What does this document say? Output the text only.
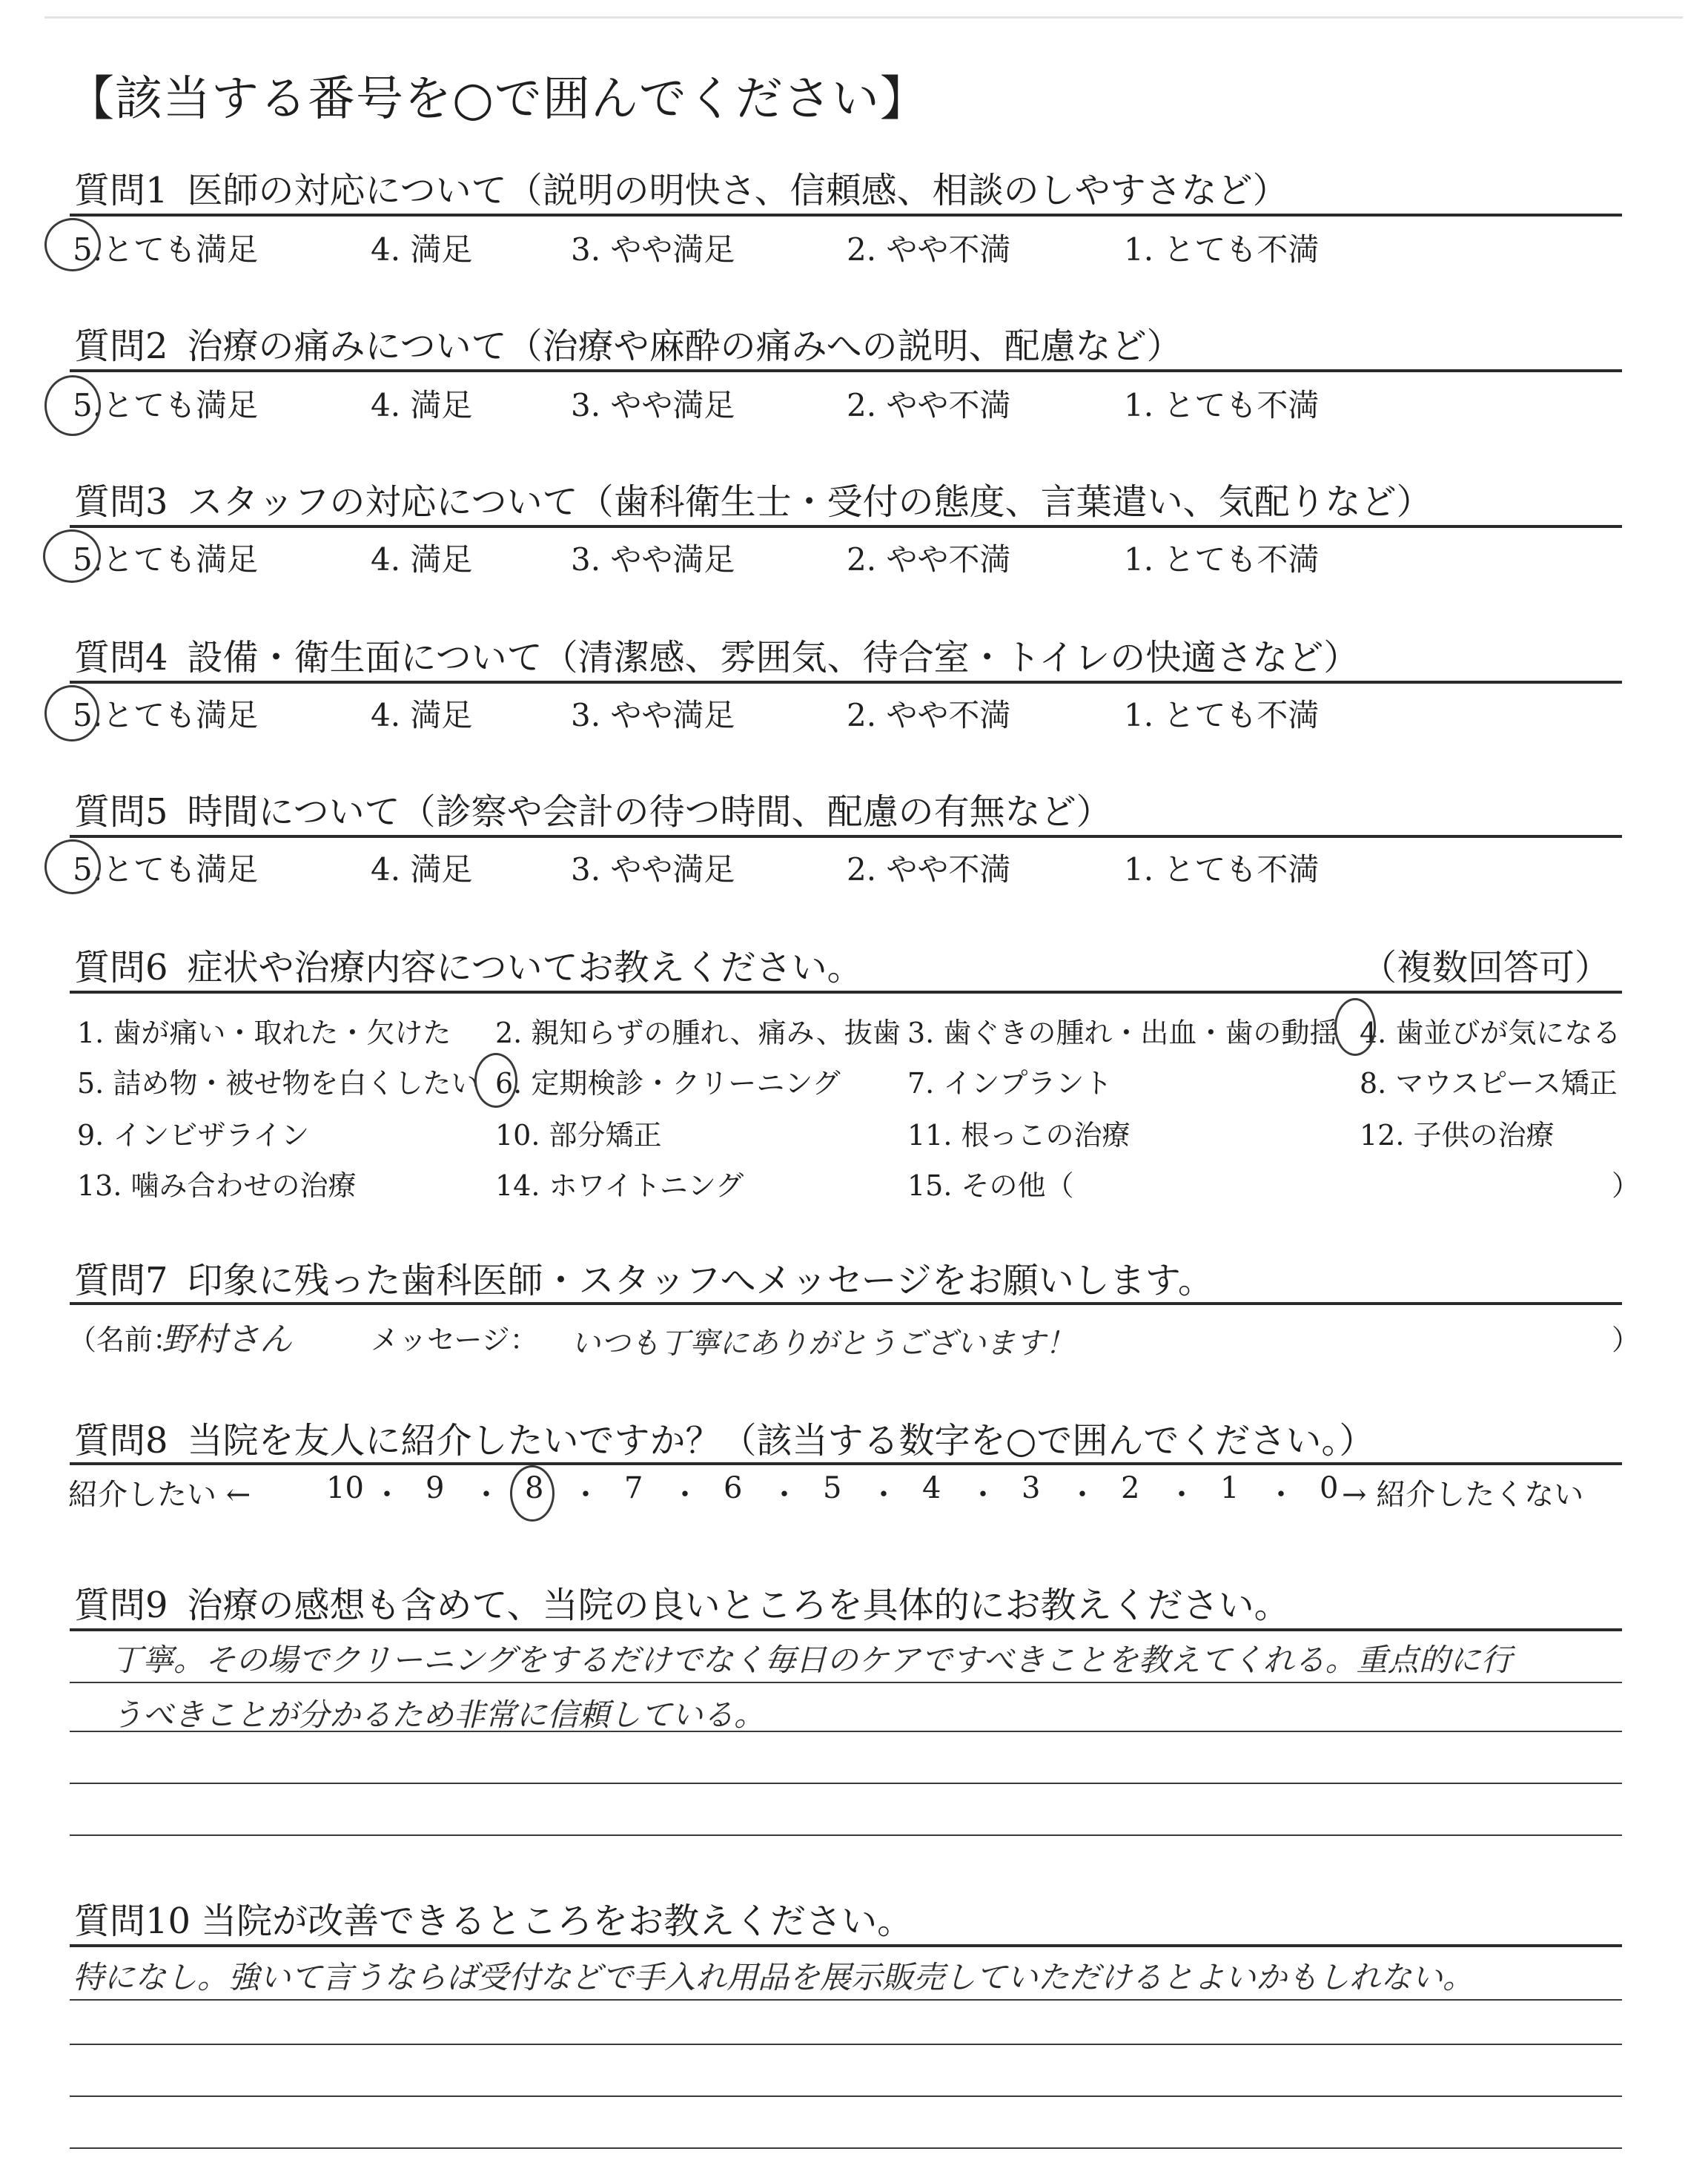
【該当する番号を○で囲んでください】
質問1 医師の対応について（説明の明快さ、信頼感、相談のしやすさなど）
5.とても満足	4. 満足	3. やや満足	2. やや不満	1. とても不満
質問2 治療の痛みについて（治療や麻酔の痛みへの説明、配慮など）
5.とても満足	4. 満足	3. やや満足	2. やや不満	1. とても不満
質問3 スタッフの対応について（歯科衛生士・受付の態度、言葉遣い、気配りなど）
5.とても満足	4. 満足	3. やや満足	2. やや不満	1. とても不満
質問4 設備・衛生面について（清潔感、雰囲気、待合室・トイレの快適さなど）
5.とても満足	4. 満足	3. やや満足	2. やや不満	1. とても不満
質問5 時間について（診察や会計の待つ時間、配慮の有無など）
5.とても満足	4. 満足	3. やや満足	2. やや不満	1. とても不満
質問6 症状や治療内容についてお教えください。	（複数回答可）
1. 歯が痛い・取れた・欠けた 2. 親知らずの腫れ、痛み、抜歯 3. 歯ぐきの腫れ・出血・歯の動揺 4. 歯並びが気になる
5. 詰め物・被せ物を白くしたい 6. 定期検診・クリーニング 7. インプラント	8. マウスピース矯正
9. インビザライン	10. 部分矯正	11. 根っこの治療	12. 子供の治療
13. 噛み合わせの治療	14. ホワイトニング	15. その他（	）
質問7 印象に残った歯科医師・スタッフへメッセージをお願いします。
（名前：
野村さん	メッセージ： いつも丁寧にありがとうございます！	）
質問8 当院を友人に紹介したいですか？（該当する数字を○で囲んでください。）
紹介したい ←	→ 紹介したくない
10 ・ 9 ・ 8 ・ 7 ・ 6 ・ 5 ・ 4 ・ 3 ・ 2 ・ 1 ・ 0
質問9 治療の感想も含めて、当院の良いところを具体的にお教えください。
丁寧。その場でクリーニングをするだけでなく毎日のケアですべきことを教えてくれる。重点的に行
うべきことが分かるため非常に信頼している。
質問10 当院が改善できるところをお教えください。
特になし。強いて言うならば受付などで手入れ用品を展示販売していただけるとよいかもしれない。
